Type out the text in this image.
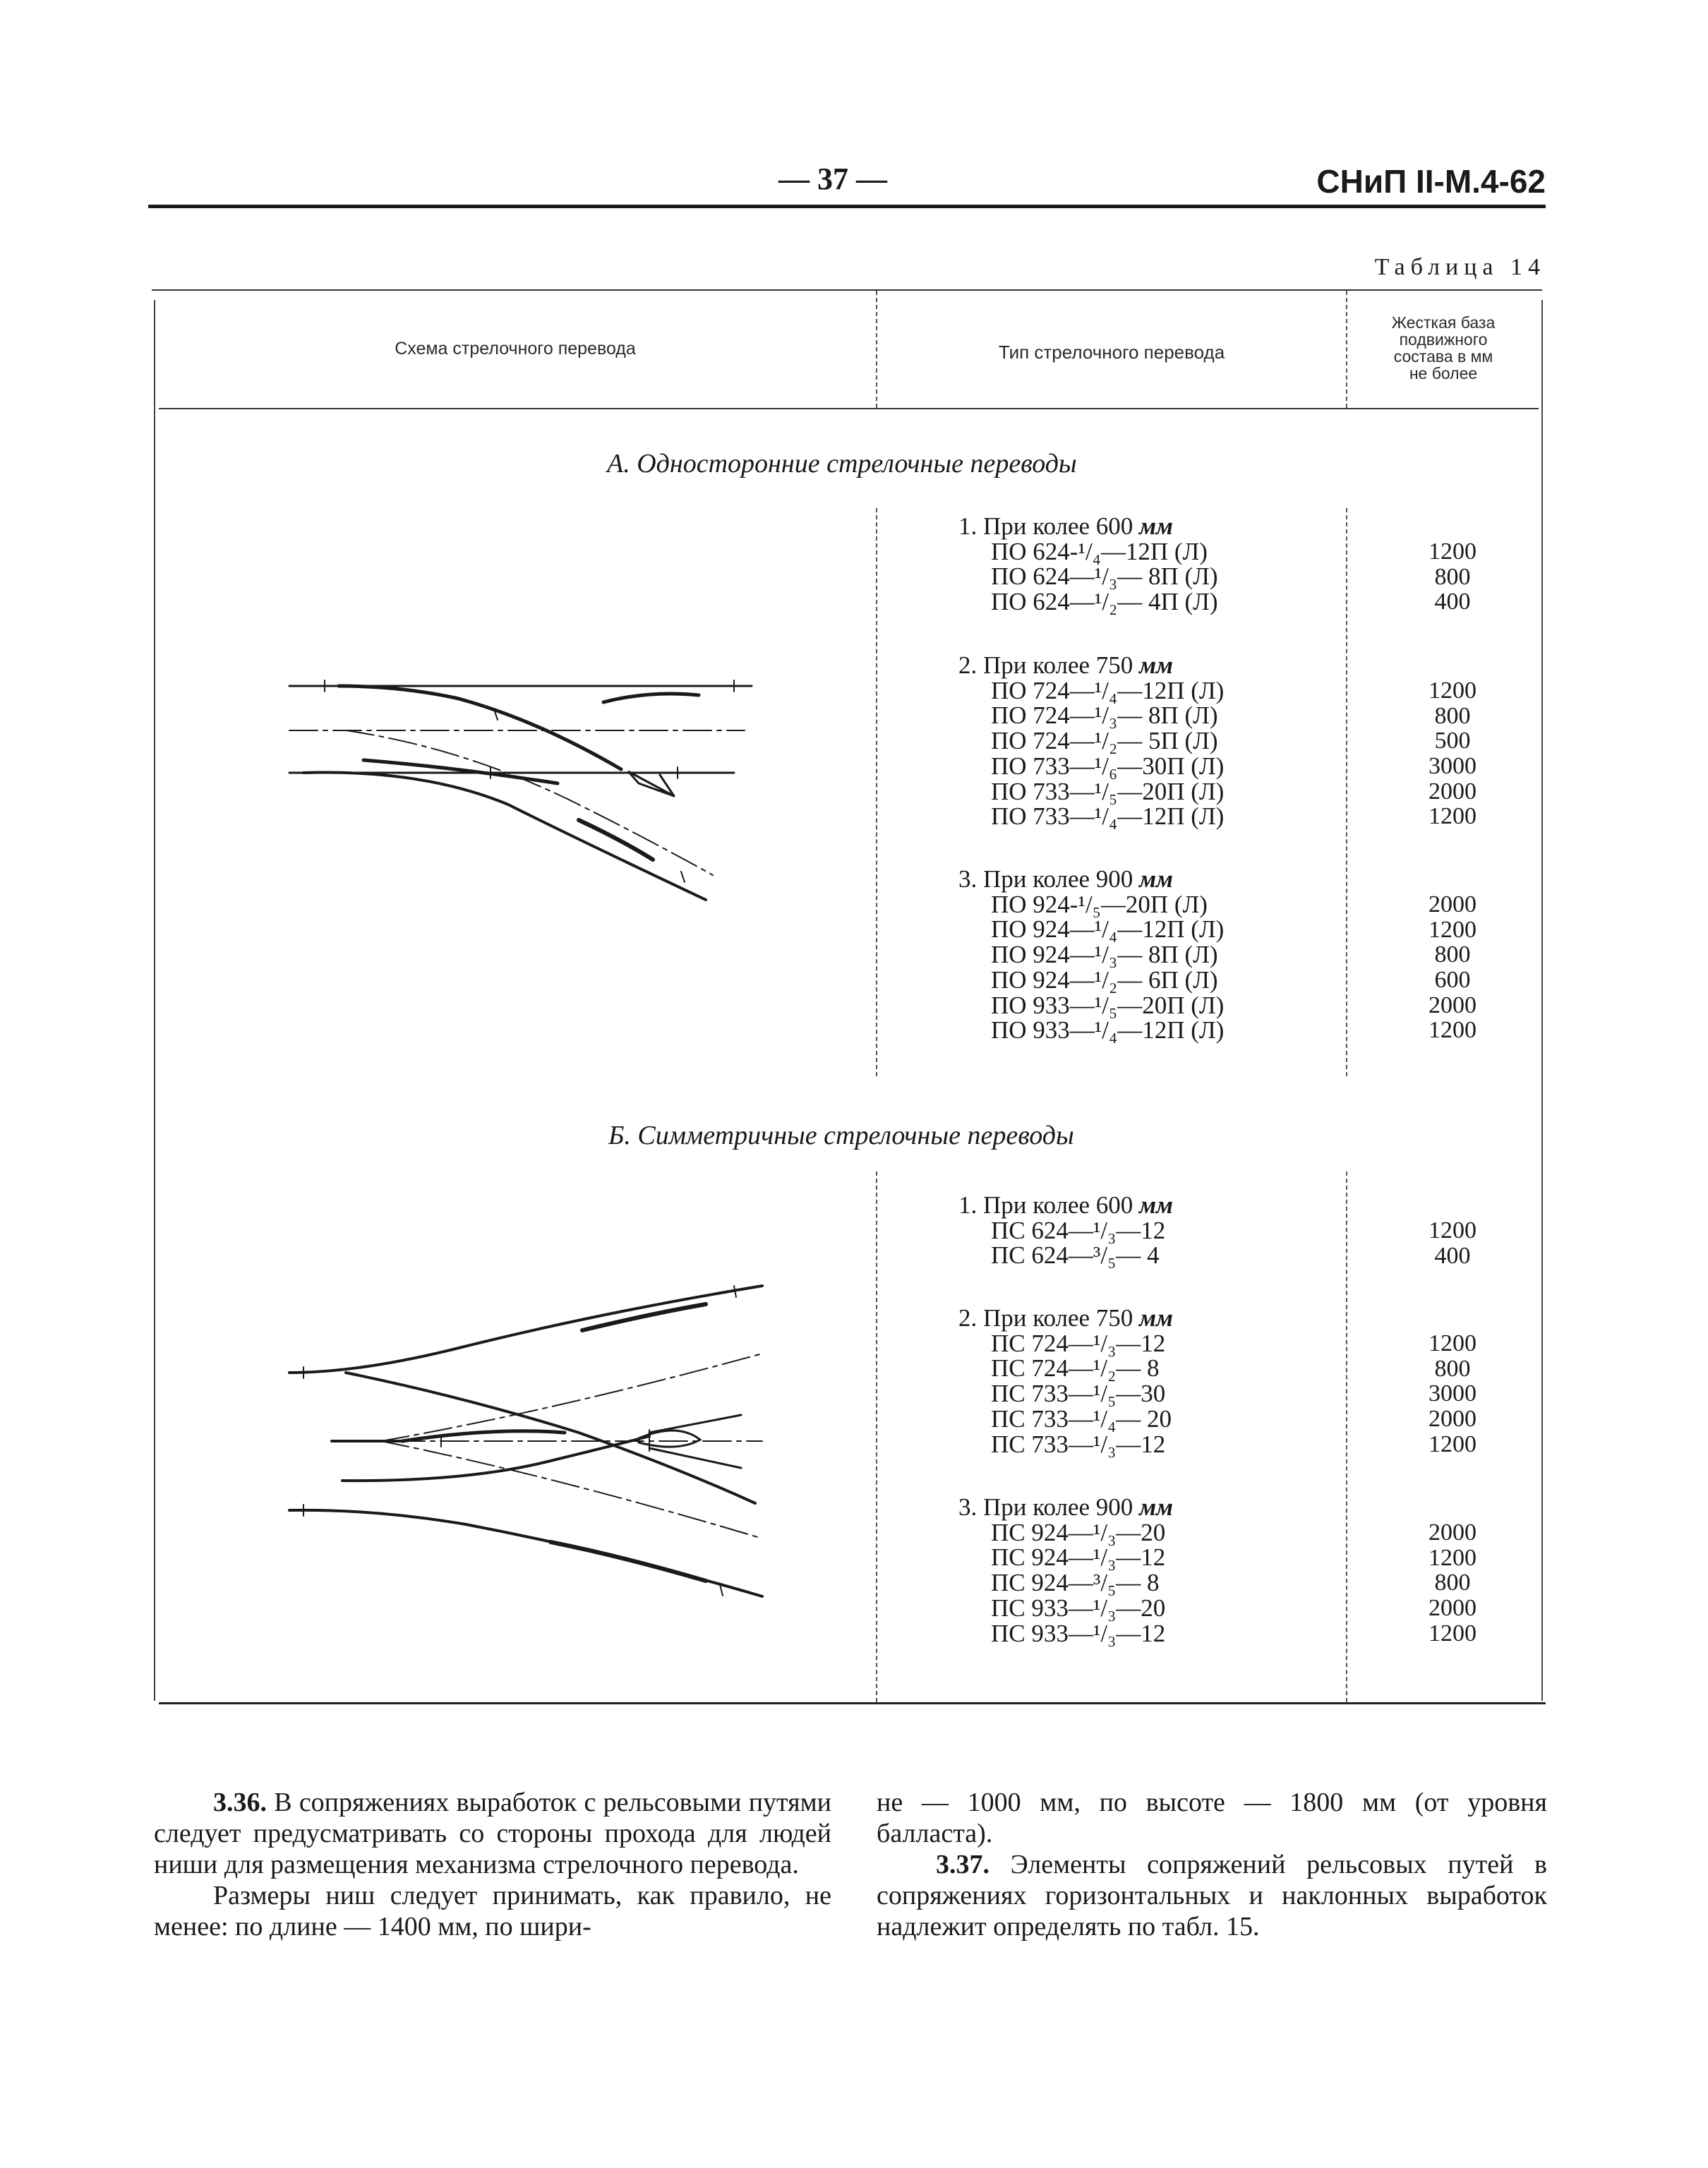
— 37 —	СНиП II-М.4-62
Таблица 14
Схема стрелочного перевода	Тип стрелочного перевода
Жесткая база
подвижного
состава в мм
не более
А. Односторонние стрелочные переводы
1. При колее 600 мм
ПО 624-¹/₄—12П (Л)
ПО 624—¹/₃— 8П (Л)
ПО 624—¹/₂— 4П (Л)
1200
800
400
2. При колее 750 мм
ПО 724—¹/₄—12П (Л)
ПО 724—¹/₃— 8П (Л)
ПО 724—¹/₂— 5П (Л)
ПО 733—¹/₆—30П (Л)
ПО 733—¹/₅—20П (Л)
ПО 733—¹/₄—12П (Л)
1200
800
500
3000
2000
1200
3. При колее 900 мм
ПО 924-¹/₅—20П (Л)
ПО 924—¹/₄—12П (Л)
ПО 924—¹/₃— 8П (Л)
ПО 924—¹/₂— 6П (Л)
ПО 933—¹/₅—20П (Л)
ПО 933—¹/₄—12П (Л)
2000
1200
800
600
2000
1200
Б. Симметричные стрелочные переводы
1. При колее 600 мм
ПС 624—¹/₃—12
ПС 624—³/₅— 4
1200
400
2. При колее 750 мм
ПС 724—¹/₃—12
ПС 724—¹/₂— 8
ПС 733—¹/₅—30
ПС 733—¹/₄— 20
ПС 733—¹/₃—12
1200
800
3000
2000
1200
3. При колее 900 мм
ПС 924—¹/₃—20
ПС 924—¹/₃—12
ПС 924—³/₅— 8
ПС 933—¹/₃—20
ПС 933—¹/₃—12
2000
1200
800
2000
1200

3.36. В сопряжениях выработок с рельсовыми путями следует предусматривать со стороны прохода для людей ниши для размещения механизма стрелочного перевода.

Размеры ниш следует принимать, как правило, не менее: по длине — 1400 мм, по шири-

не — 1000 мм, по высоте — 1800 мм (от уровня балласта).

3.37. Элементы сопряжений рельсовых путей в сопряжениях горизонтальных и наклонных выработок надлежит определять по табл. 15.
